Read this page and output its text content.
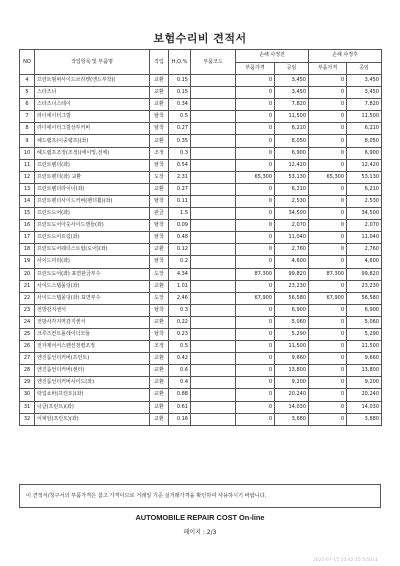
보험수리비 견적서
NO	작업항목 및 부품명	작업	H,Q,%	부품코드	손해 사정전		손해 사정후	
					부품가격	공임	부품가격	공임
4	프런트범퍼사이드브라켓(앤드부착)(	교환	0.15		0	3,450	0	3,450
5	스타즈너	교환	0.15		0	3,450	0	3,450
6	스타즈너스테이	교환	0.34		0	7,820	0	7,820
7	라디에이터그릴	탈착	0.5		0	11,500	0	11,500
8	라디에이터그릴상부커버	탈착	0.27		0	6,210	0	6,210
9	헤드램프(이중램프)(좌)	교환	0.35		0	8,050	0	8,050
10	헤드램프조정(조정)(에이밍,전체)	조정	0.3		0	6,900	0	6,900
11	프런트펜더(좌)	탈착	0.54		0	12,420	0	12,420
12	프런트펜더(좌) 교환	도장	2.31		65,300	53,130	65,300	53,130
13	프런트펜더라이너(좌)	교환	0.27		0	6,210	0	6,210
14	프런트펜더사이드커버(펜더휠)(좌)	탈착	0.11		0	2,530	0	2,530
15	프런트도어(좌)	판금	1.5		0	34,500	0	34,500
16	프런트도어아웃사이드핸들(좌)	탈착	0.09		0	2,070	0	2,070
17	프런트도어트림(좌)	탈착	0.48		0	11,040	0	11,040
18	프런트도어웨더스트립(도어)(좌)	교환	0.12		0	2,760	0	2,760
19	사이드미러(좌)	탈착	0.2		0	4,600	0	4,600
20	프런트도어(좌) 표면판금부수	도장	4.34		87,300	99,820	87,300	99,820
21	사이드스텝몰딩(좌)	교환	1.01		0	23,230	0	23,230
22	사이드스텝몰딩(좌) 표면부수	도장	2.46		67,900	56,580	67,900	56,580
23	전방감지센서	탈착	0.3		0	6,900	0	6,900
24	전방사각지역감지센서	교환	0.22		0	5,060	0	5,060
25	크루즈컨트롤레이더모듈	탈착	0.23		0	5,290	0	5,290
26	전자제어서스펜션정렬조정	조정	0.5		0	11,500	0	11,500
27	엔진룸언더커버(프런트)	교환	0.42		0	9,660	0	9,660
28	엔진룸언더커버(센터)	교환	0.6		0	13,800	0	13,800
29	엔진룸언더커버사이드(좌)	교환	0.4		0	9,200	0	9,200
30	락업쇼바(프런트)(좌)	교환	0.88		0	20,240	0	20,240
31	너클(프런트)(좌)	교환	0.61		0	14,030	0	14,030
32	어퍼암(프런트)(좌)	교환	0.16		0	3,680	0	3,680
이 견적서/청구서의 부품가격은 참고 가격이므로 거래일 기준 실거래가격을 확인하여 사용하시기 바랍니다.
AUTOMOBILE REPAIR COST On-line
페이지 : 2/3
2025-07-15 10:42:15 5/5011
